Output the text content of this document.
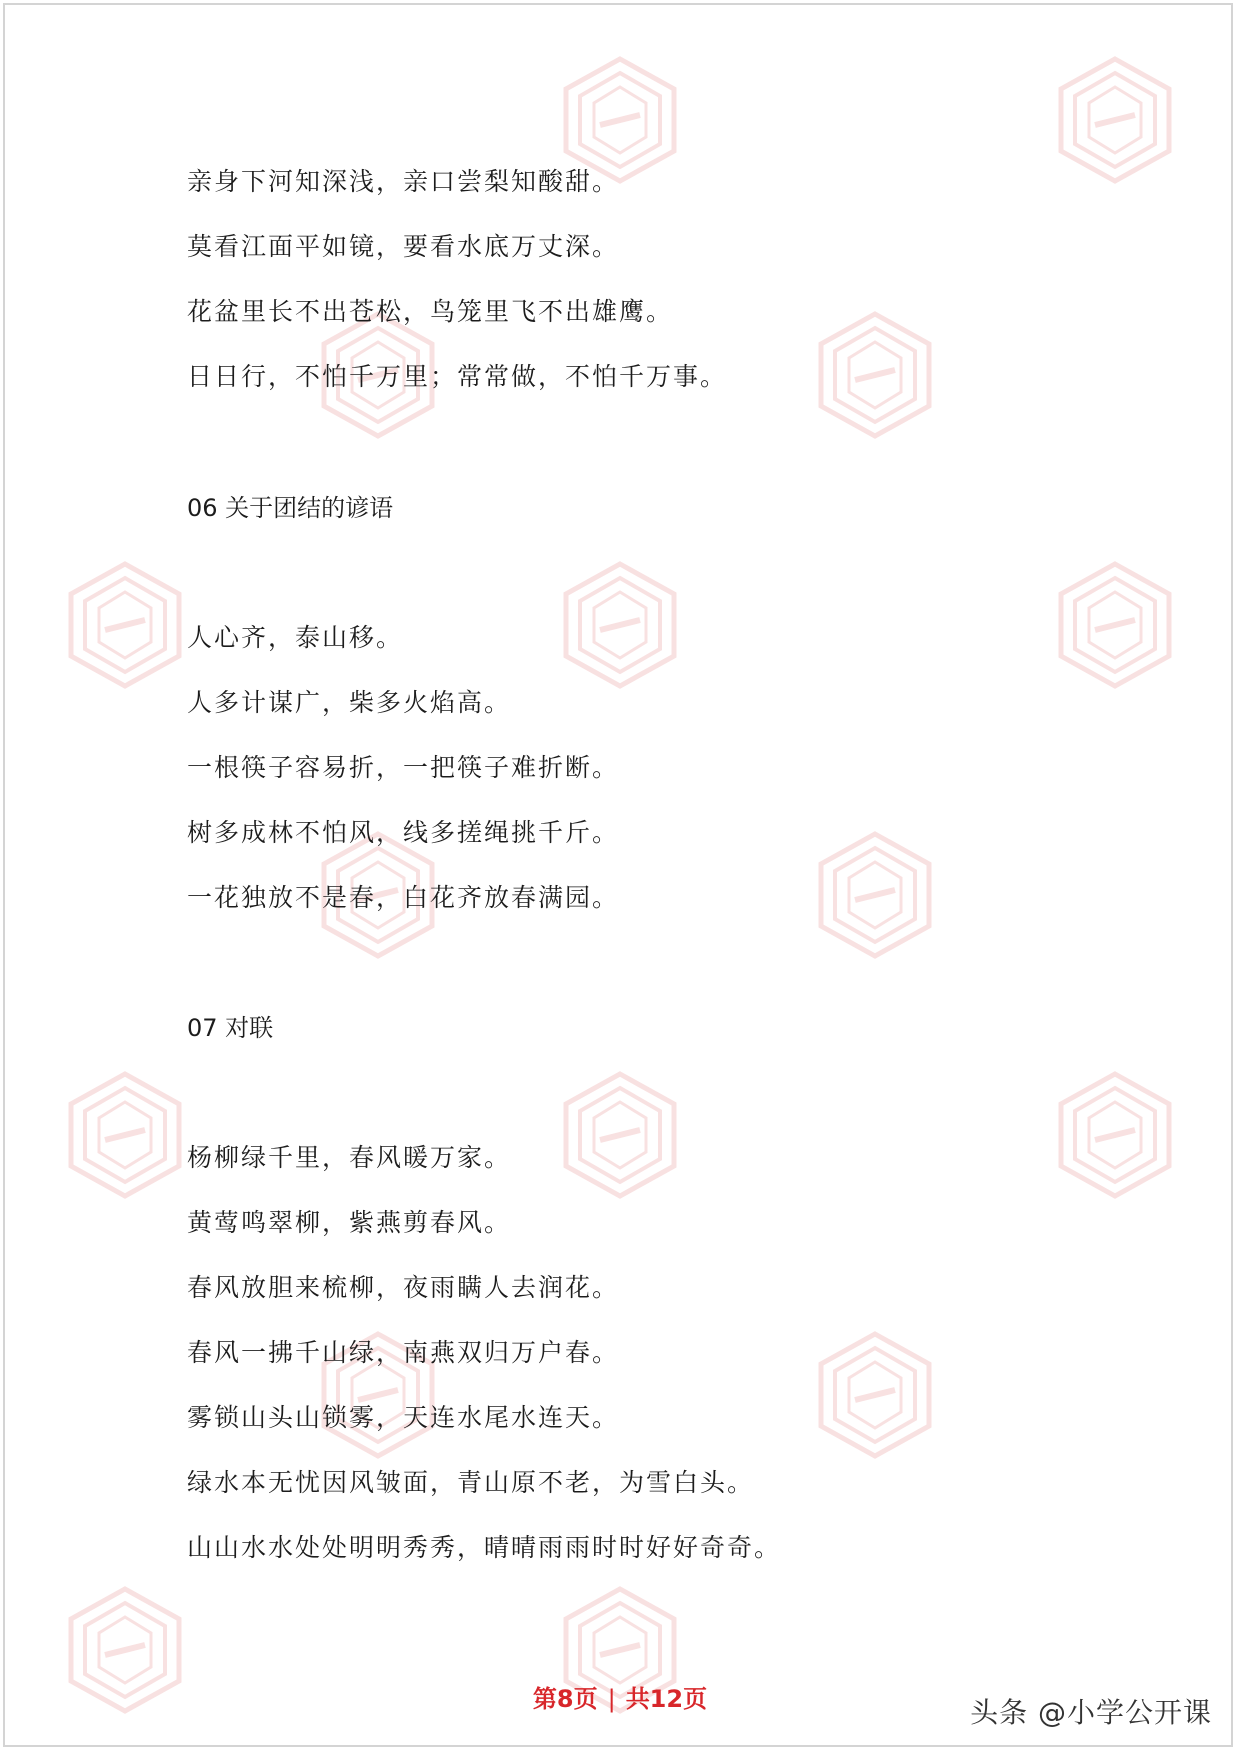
亲身下河知深浅，亲口尝梨知酸甜。
莫看江面平如镜，要看水底万丈深。
花盆里长不出苍松，鸟笼里飞不出雄鹰。
日日行，不怕千万里；常常做，不怕千万事。
06 关于团结的谚语
人心齐，泰山移。
人多计谋广，柴多火焰高。
一根筷子容易折，一把筷子难折断。
树多成林不怕风，线多搓绳挑千斤。
一花独放不是春，白花齐放春满园。
07 对联
杨柳绿千里，春风暖万家。
黄莺鸣翠柳，紫燕剪春风。
春风放胆来梳柳，夜雨瞒人去润花。
春风一拂千山绿，南燕双归万户春。
雾锁山头山锁雾，天连水尾水连天。
绿水本无忧因风皱面，青山原不老，为雪白头。
山山水水处处明明秀秀，晴晴雨雨时时好好奇奇。
第8页 | 共12页	头条 @小学公开课
